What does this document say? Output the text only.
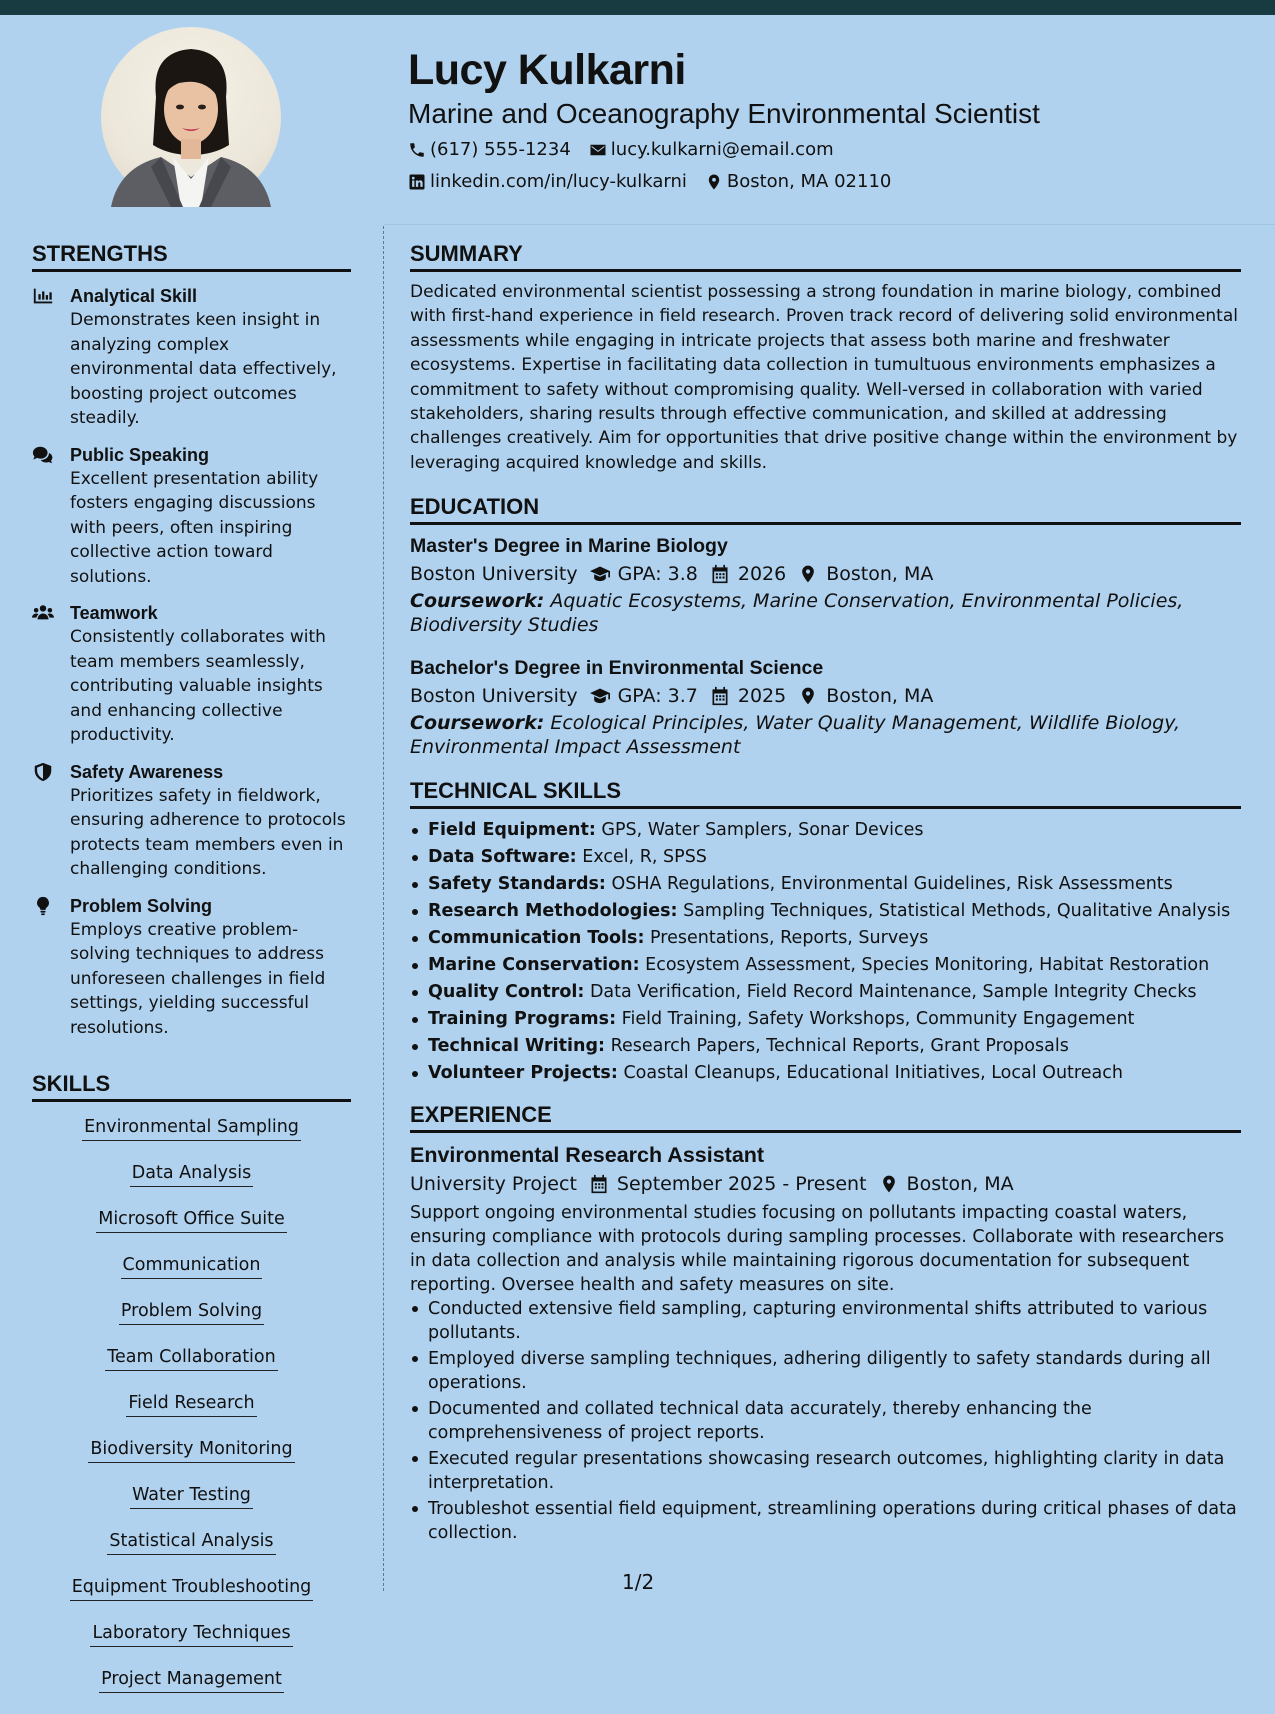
Lucy Kulkarni
Marine and Oceanography Environmental Scientist
(617) 555-1234 lucy.kulkarni@email.com
linkedin.com/in/lucy-kulkarni Boston, MA 02110
STRENGTHS
Analytical Skill
Demonstrates keen insight in analyzing complex environmental data effectively, boosting project outcomes steadily.
Public Speaking
Excellent presentation ability fosters engaging discussions with peers, often inspiring collective action toward solutions.
Teamwork
Consistently collaborates with team members seamlessly, contributing valuable insights and enhancing collective productivity.
Safety Awareness
Prioritizes safety in fieldwork, ensuring adherence to protocols protects team members even in challenging conditions.
Problem Solving
Employs creative problem-solving techniques to address unforeseen challenges in field settings, yielding successful resolutions.
SKILLS
Environmental Sampling
Data Analysis
Microsoft Office Suite
Communication
Problem Solving
Team Collaboration
Field Research
Biodiversity Monitoring
Water Testing
Statistical Analysis
Equipment Troubleshooting
Laboratory Techniques
Project Management
SUMMARY
Dedicated environmental scientist possessing a strong foundation in marine biology, combined with first-hand experience in field research. Proven track record of delivering solid environmental assessments while engaging in intricate projects that assess both marine and freshwater ecosystems. Expertise in facilitating data collection in tumultuous environments emphasizes a commitment to safety without compromising quality. Well-versed in collaboration with varied stakeholders, sharing results through effective communication, and skilled at addressing challenges creatively. Aim for opportunities that drive positive change within the environment by leveraging acquired knowledge and skills.
EDUCATION
Master's Degree in Marine Biology
Boston University GPA: 3.8 2026 Boston, MA
Coursework: Aquatic Ecosystems, Marine Conservation, Environmental Policies, Biodiversity Studies
Bachelor's Degree in Environmental Science
Boston University GPA: 3.7 2025 Boston, MA
Coursework: Ecological Principles, Water Quality Management, Wildlife Biology, Environmental Impact Assessment
TECHNICAL SKILLS
Field Equipment: GPS, Water Samplers, Sonar Devices
Data Software: Excel, R, SPSS
Safety Standards: OSHA Regulations, Environmental Guidelines, Risk Assessments
Research Methodologies: Sampling Techniques, Statistical Methods, Qualitative Analysis
Communication Tools: Presentations, Reports, Surveys
Marine Conservation: Ecosystem Assessment, Species Monitoring, Habitat Restoration
Quality Control: Data Verification, Field Record Maintenance, Sample Integrity Checks
Training Programs: Field Training, Safety Workshops, Community Engagement
Technical Writing: Research Papers, Technical Reports, Grant Proposals
Volunteer Projects: Coastal Cleanups, Educational Initiatives, Local Outreach
EXPERIENCE
Environmental Research Assistant
University Project September 2025 - Present Boston, MA
Support ongoing environmental studies focusing on pollutants impacting coastal waters, ensuring compliance with protocols during sampling processes. Collaborate with researchers in data collection and analysis while maintaining rigorous documentation for subsequent reporting. Oversee health and safety measures on site.
Conducted extensive field sampling, capturing environmental shifts attributed to various pollutants.
Employed diverse sampling techniques, adhering diligently to safety standards during all operations.
Documented and collated technical data accurately, thereby enhancing the comprehensiveness of project reports.
Executed regular presentations showcasing research outcomes, highlighting clarity in data interpretation.
Troubleshot essential field equipment, streamlining operations during critical phases of data collection.
1/2
